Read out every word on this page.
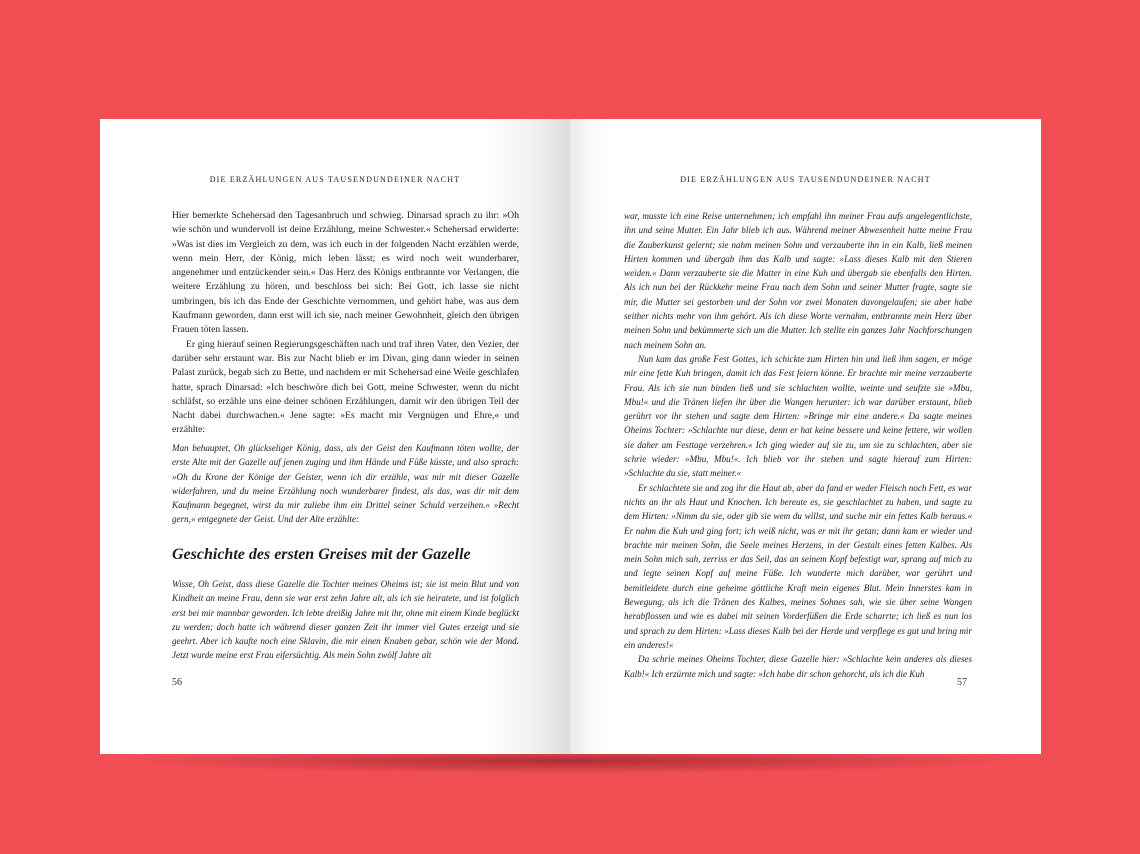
DIE ERZÄHLUNGEN AUS TAUSENDUNDEINER NACHT

Hier bemerkte Schehersad den Tagesanbruch und schwieg. Dinarsad sprach zu ihr: »Oh wie schön und wundervoll ist deine Erzählung, meine Schwester.« Schehersad erwiderte: »Was ist dies im Vergleich zu dem, was ich euch in der folgenden Nacht erzählen werde, wenn mein Herr, der König, mich leben lässt; es wird noch weit wunderbarer, angenehmer und entzückender sein.« Das Herz des Königs entbrannte vor Verlangen, die weitere Erzählung zu hören, und beschloss bei sich: Bei Gott, ich lasse sie nicht umbringen, bis ich das Ende der Geschichte vernommen, und gehört habe, was aus dem Kaufmann geworden, dann erst will ich sie, nach meiner Gewohnheit, gleich den übrigen Frauen töten lassen.

Er ging hierauf seinen Regierungsgeschäften nach und traf ihren Vater, den Vezier, der darüber sehr erstaunt war. Bis zur Nacht blieb er im Divan, ging dann wieder in seinen Palast zurück, begab sich zu Bette, und nachdem er mit Schehersad eine Weile geschlafen hatte, sprach Dinarsad: »Ich beschwöre dich bei Gott, meine Schwester, wenn du nicht schläfst, so erzähle uns eine deiner schönen Erzählungen, damit wir den übrigen Teil der Nacht dabei durchwachen.« Jene sagte: »Es macht mir Vergnügen und Ehre,« und erzählte:

Man behauptet, Oh glückseliger König, dass, als der Geist den Kaufmann töten wollte, der erste Alte mit der Gazelle auf jenen zuging und ihm Hände und Füße küsste, und also sprach: »Oh du Krone der Könige der Geister, wenn ich dir erzähle, was mir mit dieser Gazelle widerfahren, und du meine Erzählung noch wunderbarer findest, als das, was dir mit dem Kaufmann begegnet, wirst du mir zuliebe ihm ein Drittel seiner Schuld verzeihen.« »Recht gern,« entgegnete der Geist. Und der Alte erzählte:

Geschichte des ersten Greises mit der Gazelle

Wisse, Oh Geist, dass diese Gazelle die Tochter meines Oheims ist; sie ist mein Blut und von Kindheit an meine Frau, denn sie war erst zehn Jahre alt, als ich sie heiratete, und ist folglich erst bei mir mannbar geworden. Ich lebte dreißig Jahre mit ihr, ohne mit einem Kinde beglückt zu werden; doch hatte ich während dieser ganzen Zeit ihr immer viel Gutes erzeigt und sie geehrt. Aber ich kaufte noch eine Sklavin, die mir einen Knaben gebar, schön wie der Mond. Jetzt wurde meine erst Frau eifersüchtig. Als mein Sohn zwölf Jahre alt

56
DIE ERZÄHLUNGEN AUS TAUSENDUNDEINER NACHT

war, musste ich eine Reise unternehmen; ich empfahl ihn meiner Frau aufs angelegentlichste, ihn und seine Mutter. Ein Jahr blieb ich aus. Während meiner Abwesenheit hatte meine Frau die Zauberkunst gelernt; sie nahm meinen Sohn und verzauberte ihn in ein Kalb, ließ meinen Hirten kommen und übergab ihm das Kalb und sagte: »Lass dieses Kalb mit den Stieren weiden.« Dann verzauberte sie die Mutter in eine Kuh und übergab sie ebenfalls den Hirten. Als ich nun bei der Rückkehr meine Frau nach dem Sohn und seiner Mutter fragte, sagte sie mir, die Mutter sei gestorben und der Sohn vor zwei Monaten davongelaufen; sie aber habe seither nichts mehr von ihm gehört. Als ich diese Worte vernahm, entbrannte mein Herz über meinen Sohn und bekümmerte sich um die Mutter. Ich stellte ein ganzes Jahr Nachforschungen nach meinem Sohn an.

Nun kam das große Fest Gottes, ich schickte zum Hirten hin und ließ ihm sagen, er möge mir eine fette Kuh bringen, damit ich das Fest feiern könne. Er brachte mir meine verzauberte Frau. Als ich sie nun binden ließ und sie schlachten wollte, weinte und seufzte sie »Mbu, Mbu!« und die Tränen liefen ihr über die Wangen herunter: ich war darüber erstaunt, blieb gerührt vor ihr stehen und sagte dem Hirten: »Bringe mir eine andere.« Da sagte meines Oheims Tochter: »Schlachte nur diese, denn er hat keine bessere und keine fettere, wir wollen sie daher am Festtage verzehren.« Ich ging wieder auf sie zu, um sie zu schlachten, aber sie schrie wieder: »Mbu, Mbu!«. Ich blieb vor ihr stehen und sagte hierauf zum Hirten: »Schlachte du sie, statt meiner.«

Er schlachtete sie und zog ihr die Haut ab, aber da fand er weder Fleisch noch Fett, es war nichts an ihr als Haut und Knochen. Ich bereute es, sie geschlachtet zu haben, und sagte zu dem Hirten: »Nimm du sie, oder gib sie wem du willst, und suche mir ein fettes Kalb heraus.« Er nahm die Kuh und ging fort; ich weiß nicht, was er mit ihr getan; dann kam er wieder und brachte mir meinen Sohn, die Seele meines Herzens, in der Gestalt eines fetten Kalbes. Als mein Sohn mich sah, zerriss er das Seil, das an seinem Kopf befestigt war, sprang auf mich zu und legte seinen Kopf auf meine Füße. Ich wunderte mich darüber, war gerührt und bemitleidete durch eine geheime göttliche Kraft mein eigenes Blut. Mein Innerstes kam in Bewegung, als ich die Tränen des Kalbes, meines Sohnes sah, wie sie über seine Wangen herabflossen und wie es dabei mit seinen Vorderfüßen die Erde scharrte; ich ließ es nun los und sprach zu dem Hirten: »Lass dieses Kalb bei der Herde und verpflege es gut und bring mir ein anderes!«

Da schrie meines Oheims Tochter, diese Gazelle hier: »Schlachte kein anderes als dieses Kalb!« Ich erzürnte mich und sagte: »Ich habe dir schon gehorcht, als ich die Kuh

57
